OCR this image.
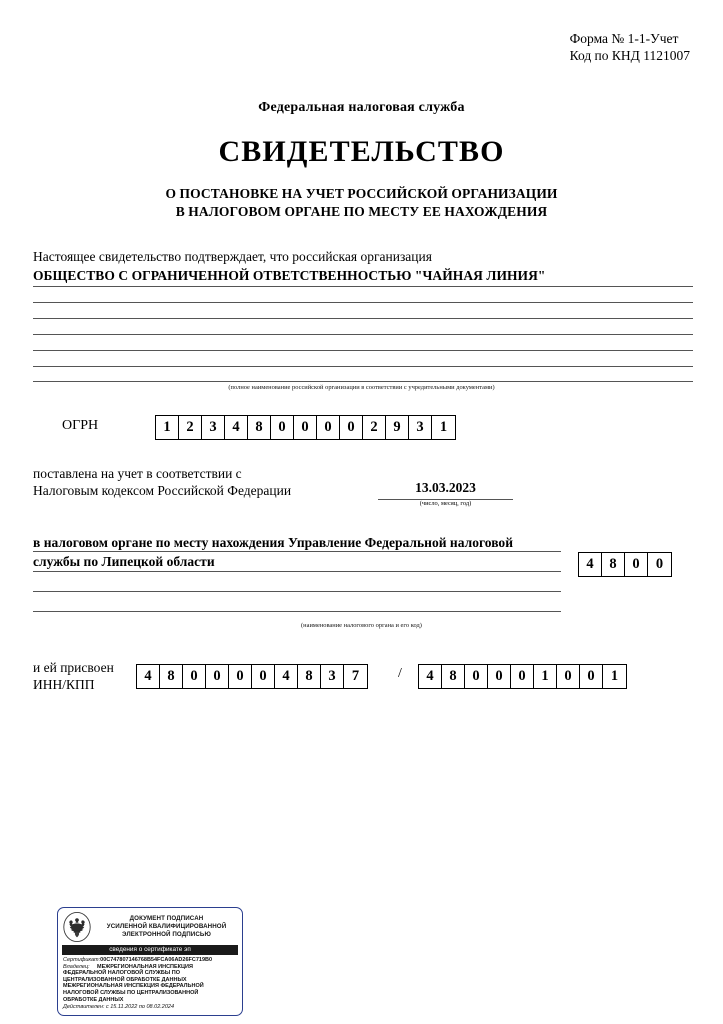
Форма № 1-1-Учет
Код по КНД 1121007
Федеральная налоговая служба
СВИДЕТЕЛЬСТВО
О ПОСТАНОВКЕ НА УЧЕТ РОССИЙСКОЙ ОРГАНИЗАЦИИ
В НАЛОГОВОМ ОРГАНЕ ПО МЕСТУ ЕЕ НАХОЖДЕНИЯ
Настоящее свидетельство подтверждает, что российская организация
ОБЩЕСТВО С ОГРАНИЧЕННОЙ ОТВЕТСТВЕННОСТЬЮ "ЧАЙНАЯ ЛИНИЯ"
(полное наименование российской организации в соответствии с учредительными документами)
ОГРН	1	2	3	4	8	0	0	0	0	2	9	3	1
поставлена на учет в соответствии с
Налоговым кодексом Российской Федерации	13.03.2023
(число, месяц, год)
в налоговом органе по месту нахождения Управление Федеральной налоговой службы по Липецкой области	4	8	0	0
(наименование налогового органа и его код)
и ей присвоен
ИНН/КПП
4	8	0	0	0	0	4	8	3	7	/	4	8	0	0	0	1	0	0	1
ДОКУМЕНТ ПОДПИСАН
УСИЛЕННОЙ КВАЛИФИЦИРОВАННОЙ
ЭЛЕКТРОННОЙ ПОДПИСЬЮ
сведения о сертификате эп
Сертификат: 00C747807146768B54FCA06AD26FC719B0
Владелец:	МЕЖРЕГИОНАЛЬНАЯ ИНСПЕКЦИЯ
ФЕДЕРАЛЬНОЙ НАЛОГОВОЙ СЛУЖБЫ ПО
ЦЕНТРАЛИЗОВАННОЙ ОБРАБОТКЕ ДАННЫХ
МЕЖРЕГИОНАЛЬНАЯ ИНСПЕКЦИЯ ФЕДЕРАЛЬНОЙ
НАЛОГОВОЙ СЛУЖБЫ ПО ЦЕНТРАЛИЗОВАННОЙ
ОБРАБОТКЕ ДАННЫХ
Действителен: с 15.11.2022 по 08.02.2024
